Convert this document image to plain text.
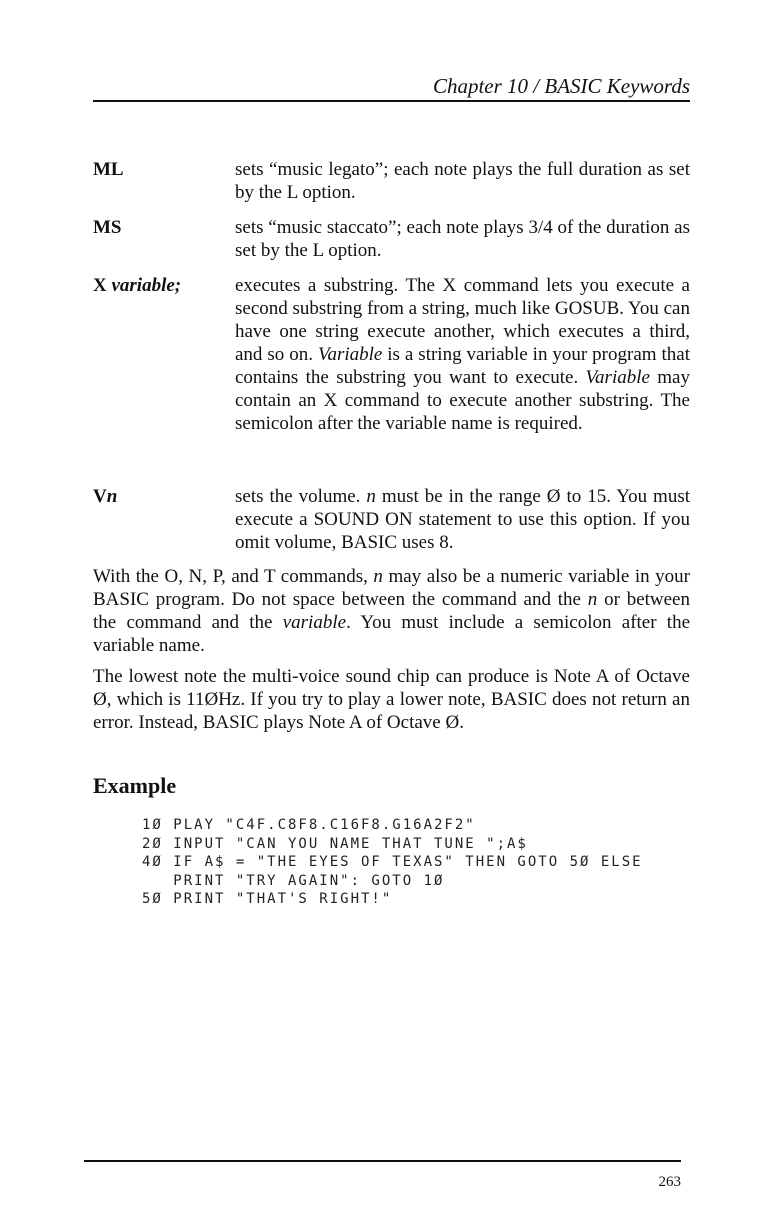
Chapter 10 / BASIC Keywords
ML	sets “music legato”; each note plays the full duration as set by the L option.
MS	sets “music staccato”; each note plays 3/4 of the duration as set by the L option.
X variable;	executes a substring. The X command lets you execute a second substring from a string, much like GOSUB. You can have one string execute another, which executes a third, and so on. Variable is a string variable in your program that contains the substring you want to execute. Variable may contain an X command to execute another substring. The semicolon after the variable name is required.
Vn	sets the volume. n must be in the range Ø to 15. You must execute a SOUND ON statement to use this option. If you omit volume, BASIC uses 8.
With the O, N, P, and T commands, n may also be a numeric variable in your BASIC program. Do not space between the command and the n or between the command and the variable. You must include a semicolon after the variable name.
The lowest note the multi-voice sound chip can produce is Note A of Octave Ø, which is 11ØHz. If you try to play a lower note, BASIC does not return an error. Instead, BASIC plays Note A of Octave Ø.
Example
1Ø PLAY "C4F.C8F8.C16F8.G16A2F2"
2Ø INPUT "CAN YOU NAME THAT TUNE ";A$
4Ø IF A$ = "THE EYES OF TEXAS" THEN GOTO 5Ø ELSE
PRINT "TRY AGAIN": GOTO 1Ø
5Ø PRINT "THAT'S RIGHT!"
263
